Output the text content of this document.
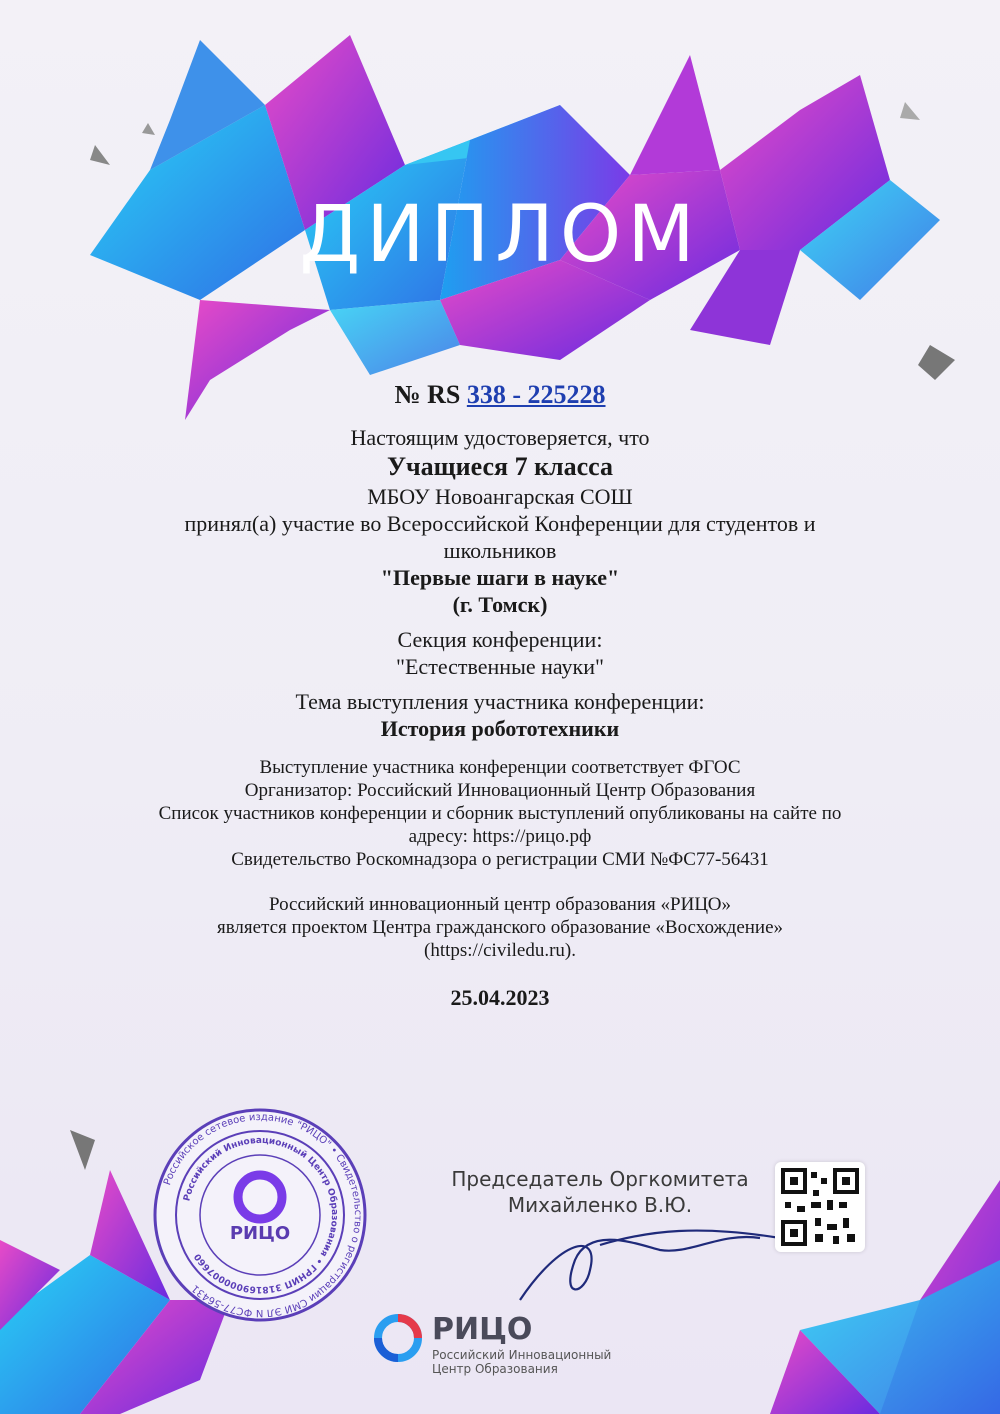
ДИПЛОМ
№ RS 338 - 225228
Настоящим удостоверяется, что
Учащиеся 7 класса
МБОУ Новоангарская СОШ
принял(а) участие во Всероссийской Конференции для студентов и
школьников
"Первые шаги в науке"
(г. Томск)
Секция конференции:
"Естественные науки"
Тема выступления участника конференции:
История робототехники
Выступление участника конференции соответствует ФГОС
Организатор: Российский Инновационный Центр Образования
Список участников конференции и сборник выступлений опубликованы на сайте по
адресу: https://рицо.рф
Свидетельство Роскомнадзора о регистрации СМИ №ФС77-56431
Российский инновационный центр образования «РИЦО»
является проектом Центра гражданского образование «Восхождение»
(https://civiledu.ru).
25.04.2023
Российское сетевое издание "РИЦО" • Свидетельство о регистрации СМИ ЭЛ N ФС77-56431
Российский Инновационный Центр Образования • ГРНИП 318169000007660
РИЦО
Председатель Оргкомитета
Михайленко В.Ю.
РИЦО
Российский Инновационный
Центр Образования
